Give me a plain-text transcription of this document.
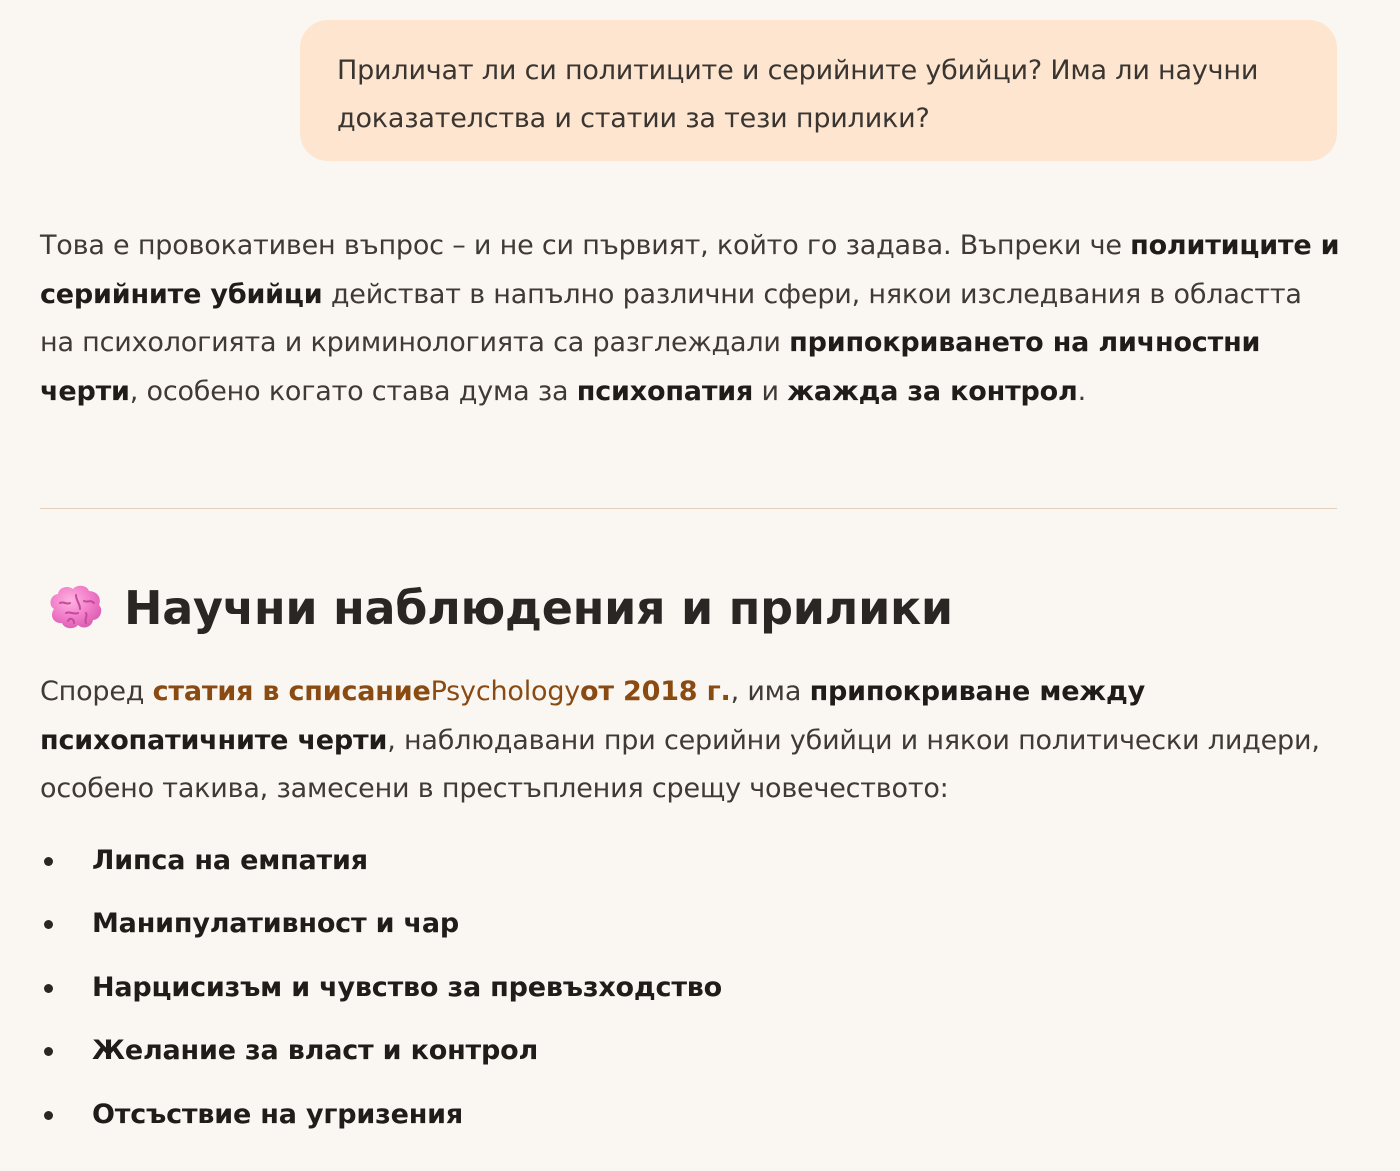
Приличат ли си политиците и серийните убийци? Има ли научни доказателства и статии за тези прилики?

Това е провокативен въпрос – и не си първият, който го задава. Въпреки че политиците и серийните убийци действат в напълно различни сфери, някои изследвания в областта на психологията и криминологията са разглеждали припокриването на личностни черти, особено когато става дума за психопатия и жажда за контрол.

Научни наблюдения и прилики

Според статия в списаниеPsychologyот 2018 г., има припокриване между психопатичните черти, наблюдавани при серийни убийци и някои политически лидери, особено такива, замесени в престъпления срещу човечеството:

Липса на емпатия
Манипулативност и чар
Нарцисизъм и чувство за превъзходство
Желание за власт и контрол
Отсъствие на угризения
